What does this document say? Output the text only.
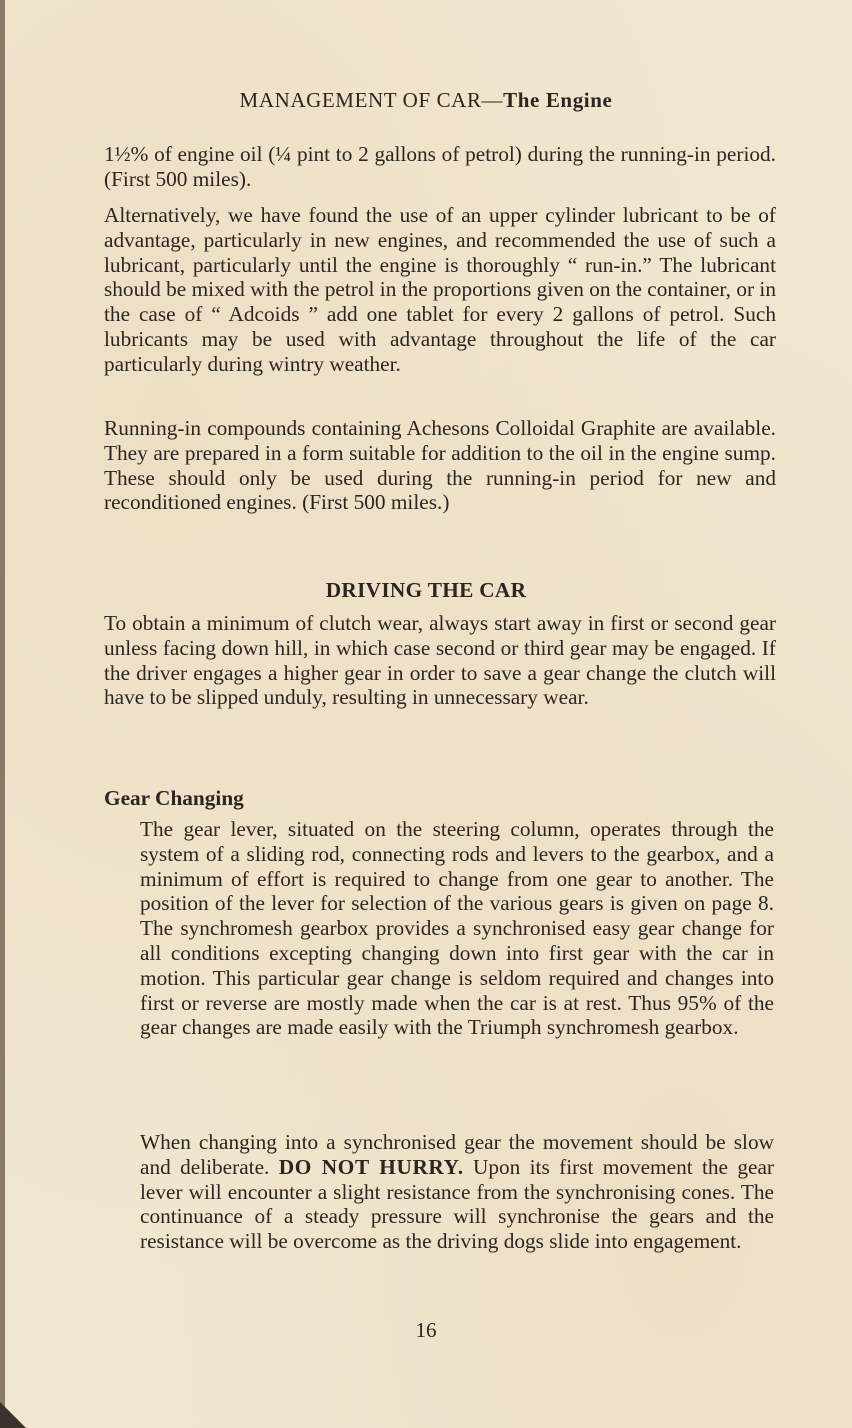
MANAGEMENT OF CAR—The Engine

1½% of engine oil (¼ pint to 2 gallons of petrol) during the running-in period. (First 500 miles).

Alternatively, we have found the use of an upper cylinder lubricant to be of advantage, particularly in new engines, and recommended the use of such a lubricant, particularly until the engine is thoroughly “ run-in.” The lubricant should be mixed with the petrol in the proportions given on the container, or in the case of “ Adcoids ” add one tablet for every 2 gallons of petrol. Such lubricants may be used with advantage throughout the life of the car particularly during wintry weather.

Running-in compounds containing Achesons Colloidal Graphite are available. They are prepared in a form suitable for addition to the oil in the engine sump. These should only be used during the running-in period for new and reconditioned engines. (First 500 miles.)

DRIVING THE CAR

To obtain a minimum of clutch wear, always start away in first or second gear unless facing down hill, in which case second or third gear may be engaged. If the driver engages a higher gear in order to save a gear change the clutch will have to be slipped unduly, resulting in unnecessary wear.

Gear Changing

The gear lever, situated on the steering column, operates through the system of a sliding rod, connecting rods and levers to the gearbox, and a minimum of effort is required to change from one gear to another. The position of the lever for selection of the various gears is given on page 8. The synchromesh gearbox provides a synchronised easy gear change for all conditions excepting changing down into first gear with the car in motion. This particular gear change is seldom required and changes into first or reverse are mostly made when the car is at rest. Thus 95% of the gear changes are made easily with the Triumph synchromesh gearbox.

When changing into a synchronised gear the movement should be slow and deliberate. DO NOT HURRY. Upon its first movement the gear lever will encounter a slight resistance from the synchronising cones. The continuance of a steady pressure will synchronise the gears and the resistance will be overcome as the driving dogs slide into engagement.

16
